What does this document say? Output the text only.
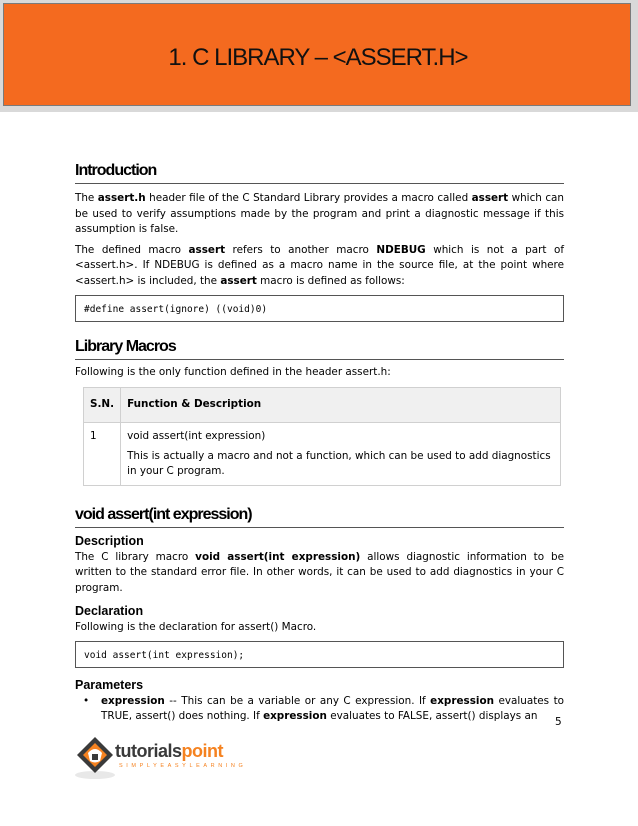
1. C LIBRARY – <ASSERT.H>
Introduction

The assert.h header file of the C Standard Library provides a macro called assert which can be used to verify assumptions made by the program and print a diagnostic message if this assumption is false.

The defined macro assert refers to another macro NDEBUG which is not a part of <assert.h>. If NDEBUG is defined as a macro name in the source file, at the point where <assert.h> is included, the assert macro is defined as follows:

#define assert(ignore) ((void)0)
Library Macros

Following is the only function defined in the header assert.h:

S.N.	Function & Description
1	void assert(int expression)
This is actually a macro and not a function, which can be used to add diagnostics in your C program.
void assert(int expression)
Description

The C library macro void assert(int expression) allows diagnostic information to be written to the standard error file. In other words, it can be used to add diagnostics in your C program.

Declaration

Following is the declaration for assert() Macro.

void assert(int expression);
Parameters
• expression -- This can be a variable or any C expression. If expression evaluates to TRUE, assert() does nothing. If expression evaluates to FALSE, assert() displays an	5
tutorialspoint
SIMPLYEASYLEARNING
